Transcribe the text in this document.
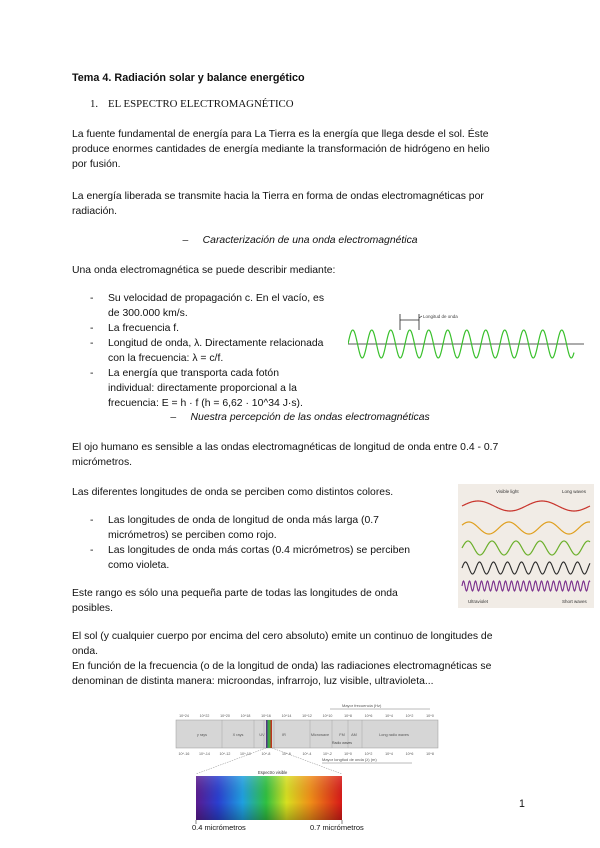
Tema 4. Radiación solar y balance energético
1. EL ESPECTRO ELECTROMAGNÉTICO
La fuente fundamental de energía para La Tierra es la energía que llega desde el sol. Éste
produce enormes cantidades de energía mediante la transformación de hidrógeno en helio
por fusión.
La energía liberada se transmite hacia la Tierra en forma de ondas electromagnéticas por
radiación.
– Caracterización de una onda electromagnética
Una onda electromagnética se puede describir mediante:
- Su velocidad de propagación c. En el vacío, es
de 300.000 km/s.
- La frecuencia f.
- Longitud de onda, λ. Directamente relacionada
con la frecuencia: λ = c/f.
- La energía que transporta cada fotón
individual: directamente proporcional a la frecuencia: E = h · f (h = 6,62 · 10^34 J·s).
Longitud de onda
– Nuestra percepción de las ondas electromagnéticas
El ojo humano es sensible a las ondas electromagnéticas de longitud de onda entre 0.4 - 0.7
micrómetros.
Las diferentes longitudes de onda se perciben como distintos colores.
- Las longitudes de onda de longitud de onda más larga (0.7
micrómetros) se perciben como rojo.
- Las longitudes de onda más cortas (0.4 micrómetros) se perciben
como violeta.
Este rango es sólo una pequeña parte de todas las longitudes de onda
posibles.
Visible light	Long waves
Ultraviolet	Short waves
El sol (y cualquier cuerpo por encima del cero absoluto) emite un continuo de longitudes de
onda.
En función de la frecuencia (o de la longitud de onda) las radiaciones electromagnéticas se
denominan de distinta manera: microondas, infrarrojo, luz visible, ultravioleta...
Mayor frecuencia (Hz)
10^24	10^22	10^20	10^18	10^16	10^14	10^12	10^10	10^8	10^6	10^4	10^2	10^0
γ rays	X rays	UV	IR	Microwave	FM AM	Long radio waves
Radio waves
10^-16	10^-14	10^-12	10^-10	10^-8	10^-6	10^-4	10^-2	10^0	10^2	10^4	10^6	10^8
Mayor longitud de onda (λ) (m)
Espectro visible
0.4 micrómetros	0.7 micrómetros
1
